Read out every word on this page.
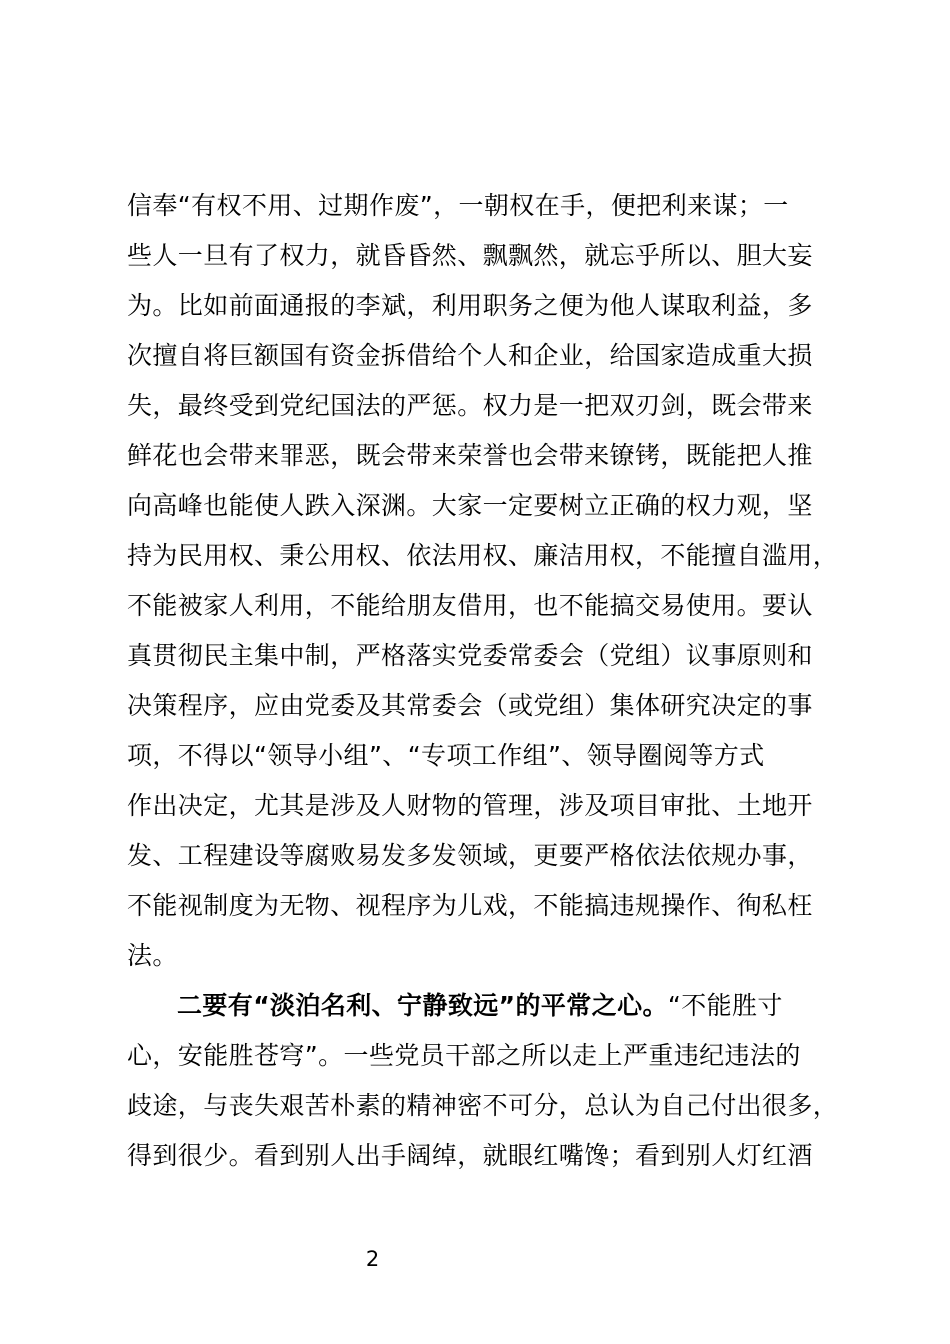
信奉“有权不用、过期作废”，一朝权在手，便把利来谋；一
些人一旦有了权力，就昏昏然、飘飘然，就忘乎所以、胆大妄
为。比如前面通报的李斌，利用职务之便为他人谋取利益，多
次擅自将巨额国有资金拆借给个人和企业，给国家造成重大损
失，最终受到党纪国法的严惩。权力是一把双刃剑，既会带来
鲜花也会带来罪恶，既会带来荣誉也会带来镣铐，既能把人推
向高峰也能使人跌入深渊。大家一定要树立正确的权力观，坚
持为民用权、秉公用权、依法用权、廉洁用权，不能擅自滥用，
不能被家人利用，不能给朋友借用，也不能搞交易使用。要认
真贯彻民主集中制，严格落实党委常委会（党组）议事原则和
决策程序，应由党委及其常委会（或党组）集体研究决定的事
项，不得以“领导小组”、“专项工作组”、领导圈阅等方式
作出决定，尤其是涉及人财物的管理，涉及项目审批、土地开
发、工程建设等腐败易发多发领域，更要严格依法依规办事，
不能视制度为无物、视程序为儿戏，不能搞违规操作、徇私枉
法。
二要有“淡泊名利、宁静致远”的平常之心。“不能胜寸
心，安能胜苍穹”。一些党员干部之所以走上严重违纪违法的
歧途，与丧失艰苦朴素的精神密不可分，总认为自己付出很多，
得到很少。看到别人出手阔绰，就眼红嘴馋；看到别人灯红酒
2
